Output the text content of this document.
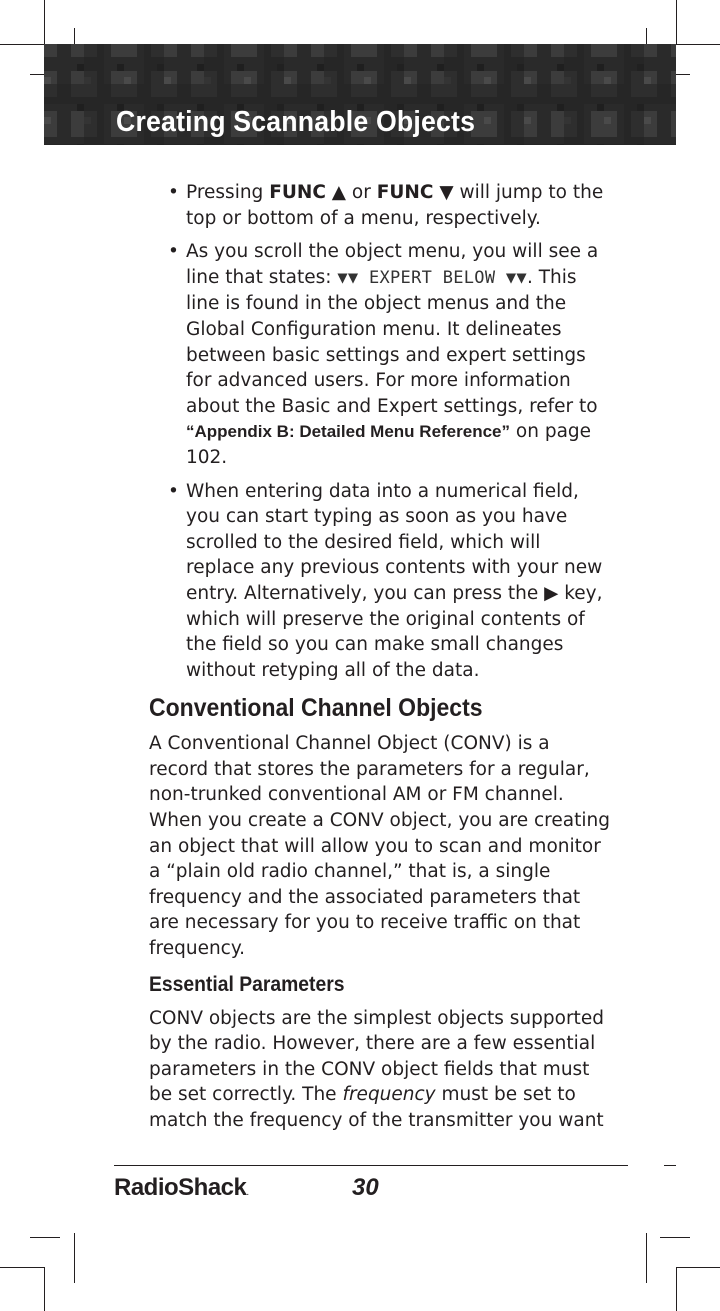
Creating Scannable Objects
• Pressing FUNC ▲ or FUNC ▼ will jump to the top or bottom of a menu, respectively.
• As you scroll the object menu, you will see a line that states: ▼▼ EXPERT BELOW ▼▼. This line is found in the object menus and the Global Configuration menu. It delineates between basic settings and expert settings for advanced users. For more information about the Basic and Expert settings, refer to “Appendix B: Detailed Menu Reference” on page 102.
• When entering data into a numerical field, you can start typing as soon as you have scrolled to the desired field, which will replace any previous contents with your new entry. Alternatively, you can press the ▶ key, which will preserve the original contents of the field so you can make small changes without retyping all of the data.
Conventional Channel Objects

A Conventional Channel Object (CONV) is a record that stores the parameters for a regular, non-trunked conventional AM or FM channel. When you create a CONV object, you are creating an object that will allow you to scan and monitor a “plain old radio channel,” that is, a single frequency and the associated parameters that are necessary for you to receive traffic on that frequency.

Essential Parameters

CONV objects are the simplest objects supported by the radio. However, there are a few essential parameters in the CONV object fields that must be set correctly. The frequency must be set to match the frequency of the transmitter you want

RadioShack.	30
